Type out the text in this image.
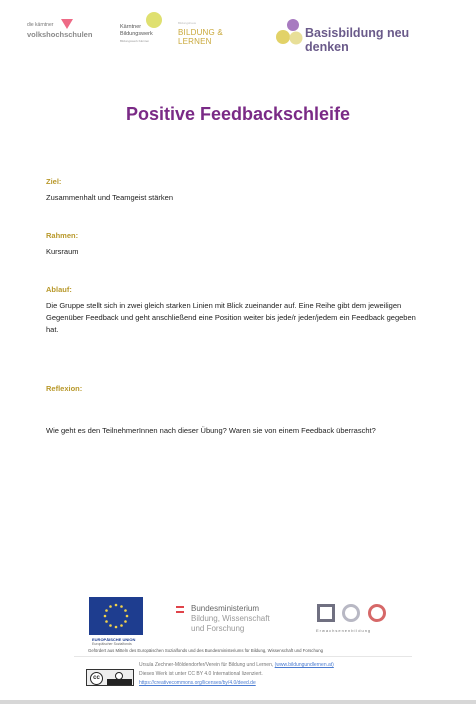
die kärntner
volkshochschulen
Kärntner
Bildungswerk
Bildungswerk Kärnten
Bildungshaus
BILDUNG & LERNEN
Basisbildung neu denken
Positive Feedbackschleife
Ziel:
Zusammenhalt und Teamgeist stärken
Rahmen:
Kursraum
Ablauf:
Die Gruppe stellt sich in zwei gleich starken Linien mit Blick zueinander auf. Eine Reihe gibt dem jeweiligen Gegenüber Feedback und geht anschließend eine Position weiter bis jede/r jeder/jedem ein Feedback gegeben hat.
Reflexion:
Wie geht es den TeilnehmerInnen nach dieser Übung? Waren sie von einem Feedback überrascht?
EUROPÄISCHE UNION
Europäischer Sozialfonds
Bundesministerium
Bildung, Wissenschaft
und Forschung	Erwachsenenbildung
Gefördert aus Mitteln des Europäischen Sozialfonds und des Bundesministeriums für Bildung, Wissenschaft und Forschung
cc
Ursula Zechner-Möldendorfer/Verein für Bildung und Lernen, (www.bildungundlernen.at)
Dieses Werk ist unter CC BY 4.0 International lizenziert.
https://creativecommons.org/licenses/by/4.0/deed.de
